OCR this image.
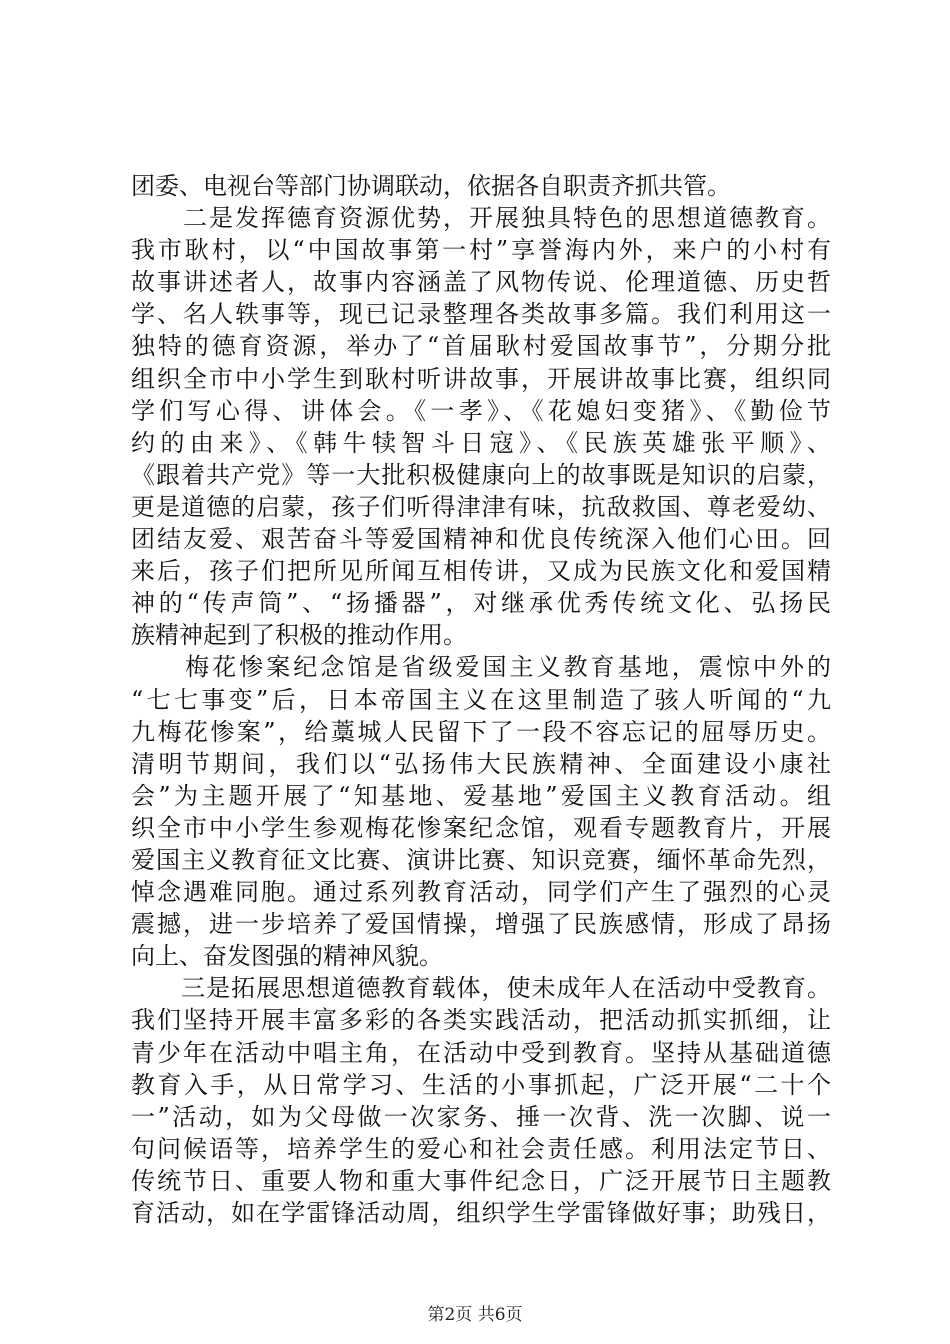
团委、电视台等部门协调联动，依据各自职责齐抓共管。
　　二是发挥德育资源优势，开展独具特色的思想道德教育。
我市耿村，以“中国故事第一村”享誉海内外，来户的小村有
故事讲述者人，故事内容涵盖了风物传说、伦理道德、历史哲
学、名人轶事等，现已记录整理各类故事多篇。我们利用这一
独特的德育资源，举办了“首届耿村爱国故事节”，分期分批
组织全市中小学生到耿村听讲故事，开展讲故事比赛，组织同
学们写心得、讲体会。《一孝》、《花媳妇变猪》、《勤俭节
约的由来》、《韩牛犊智斗日寇》、《民族英雄张平顺》、
《跟着共产党》等一大批积极健康向上的故事既是知识的启蒙，
更是道德的启蒙，孩子们听得津津有味，抗敌救国、尊老爱幼、
团结友爱、艰苦奋斗等爱国精神和优良传统深入他们心田。回
来后，孩子们把所见所闻互相传讲，又成为民族文化和爱国精
神的“传声筒”、“扬播器”，对继承优秀传统文化、弘扬民
族精神起到了积极的推动作用。
　　梅花惨案纪念馆是省级爱国主义教育基地，震惊中外的
“七七事变”后，日本帝国主义在这里制造了骇人听闻的“九
九梅花惨案”，给藁城人民留下了一段不容忘记的屈辱历史。
清明节期间，我们以“弘扬伟大民族精神、全面建设小康社
会”为主题开展了“知基地、爱基地”爱国主义教育活动。组
织全市中小学生参观梅花惨案纪念馆，观看专题教育片，开展
爱国主义教育征文比赛、演讲比赛、知识竞赛，缅怀革命先烈，
悼念遇难同胞。通过系列教育活动，同学们产生了强烈的心灵
震撼，进一步培养了爱国情操，增强了民族感情，形成了昂扬
向上、奋发图强的精神风貌。
　　三是拓展思想道德教育载体，使未成年人在活动中受教育。
我们坚持开展丰富多彩的各类实践活动，把活动抓实抓细，让
青少年在活动中唱主角，在活动中受到教育。坚持从基础道德
教育入手，从日常学习、生活的小事抓起，广泛开展“二十个
一”活动，如为父母做一次家务、捶一次背、洗一次脚、说一
句问候语等，培养学生的爱心和社会责任感。利用法定节日、
传统节日、重要人物和重大事件纪念日，广泛开展节日主题教
育活动，如在学雷锋活动周，组织学生学雷锋做好事；助残日，
第2页 共6页
